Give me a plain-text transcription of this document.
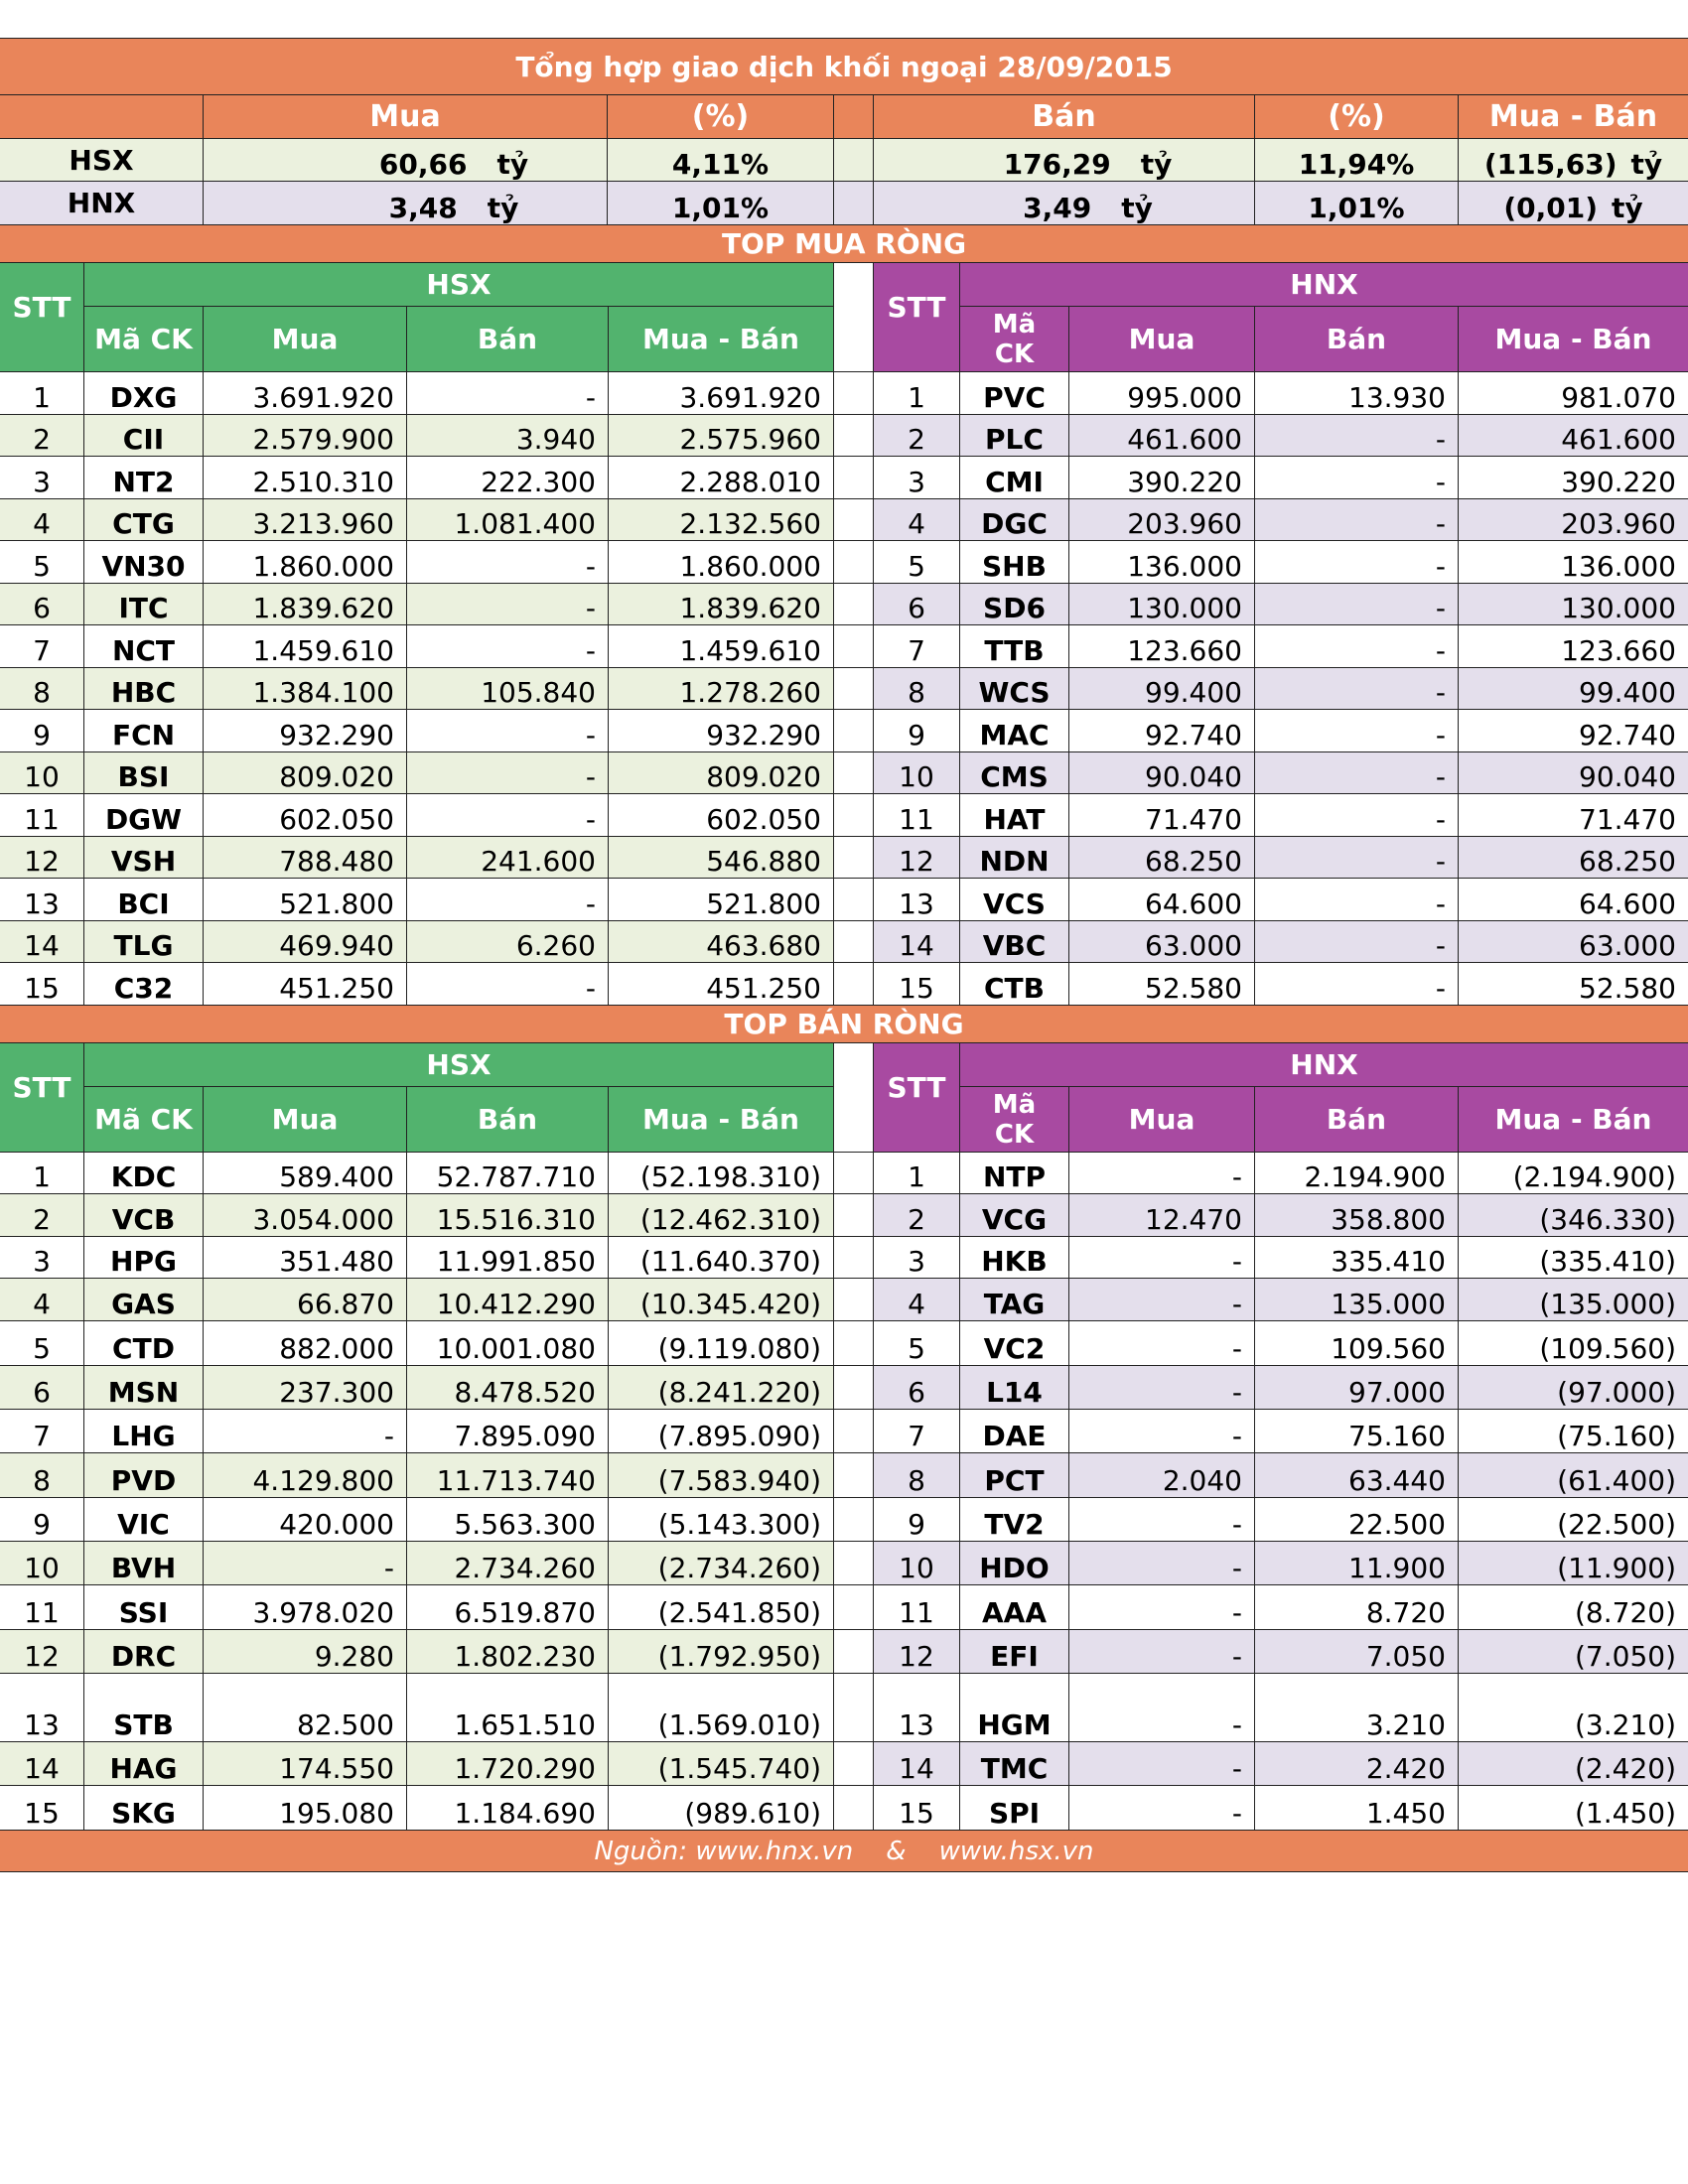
Tổng hợp giao dịch khối ngoại 28/09/2015
Mua	(%)	Bán	(%)	Mua - Bán
HSX	60,66 tỷ	4,11%	176,29 tỷ	11,94%	(115,63) tỷ
HNX	3,48 tỷ	1,01%	3,49 tỷ	1,01%	(0,01) tỷ
TOP MUA RÒNG
STT
HSX
Mã CK	Mua	Bán	Mua - Bán
STT
HNX
Mã
CK	Mua	Bán	Mua - Bán
1	DXG	3.691.920	-	3.691.920	1	PVC	995.000	13.930	981.070
2	CII	2.579.900	3.940	2.575.960	2	PLC	461.600	-	461.600
3	NT2	2.510.310	222.300	2.288.010	3	CMI	390.220	-	390.220
4	CTG	3.213.960	1.081.400	2.132.560	4	DGC	203.960	-	203.960
5	VN30	1.860.000	-	1.860.000	5	SHB	136.000	-	136.000
6	ITC	1.839.620	-	1.839.620	6	SD6	130.000	-	130.000
7	NCT	1.459.610	-	1.459.610	7	TTB	123.660	-	123.660
8	HBC	1.384.100	105.840	1.278.260	8	WCS	99.400	-	99.400
9	FCN	932.290	-	932.290	9	MAC	92.740	-	92.740
10	BSI	809.020	-	809.020	10	CMS	90.040	-	90.040
11	DGW	602.050	-	602.050	11	HAT	71.470	-	71.470
12	VSH	788.480	241.600	546.880	12	NDN	68.250	-	68.250
13	BCI	521.800	-	521.800	13	VCS	64.600	-	64.600
14	TLG	469.940	6.260	463.680	14	VBC	63.000	-	63.000
15	C32	451.250	-	451.250	15	CTB	52.580	-	52.580
TOP BÁN RÒNG
STT
HSX
Mã CK	Mua	Bán	Mua - Bán
STT
HNX
Mã
CK	Mua	Bán	Mua - Bán
1	KDC	589.400	52.787.710	(52.198.310)	1	NTP	-	2.194.900	(2.194.900)
2	VCB	3.054.000	15.516.310	(12.462.310)	2	VCG	12.470	358.800	(346.330)
3	HPG	351.480	11.991.850	(11.640.370)	3	HKB	-	335.410	(335.410)
4	GAS	66.870	10.412.290	(10.345.420)	4	TAG	-	135.000	(135.000)
5	CTD	882.000	10.001.080	(9.119.080)	5	VC2	-	109.560	(109.560)
6	MSN	237.300	8.478.520	(8.241.220)	6	L14	-	97.000	(97.000)
7	LHG	-	7.895.090	(7.895.090)	7	DAE	-	75.160	(75.160)
8	PVD	4.129.800	11.713.740	(7.583.940)	8	PCT	2.040	63.440	(61.400)
9	VIC	420.000	5.563.300	(5.143.300)	9	TV2	-	22.500	(22.500)
10	BVH	-	2.734.260	(2.734.260)	10	HDO	-	11.900	(11.900)
11	SSI	3.978.020	6.519.870	(2.541.850)	11	AAA	-	8.720	(8.720)
12	DRC	9.280	1.802.230	(1.792.950)	12	EFI	-	7.050	(7.050)
13	STB	82.500	1.651.510	(1.569.010)	13	HGM	-	3.210	(3.210)
14	HAG	174.550	1.720.290	(1.545.740)	14	TMC	-	2.420	(2.420)
15	SKG	195.080	1.184.690	(989.610)	15	SPI	-	1.450	(1.450)
Nguồn:
www.hnx.vn
&
www.hsx.vn
